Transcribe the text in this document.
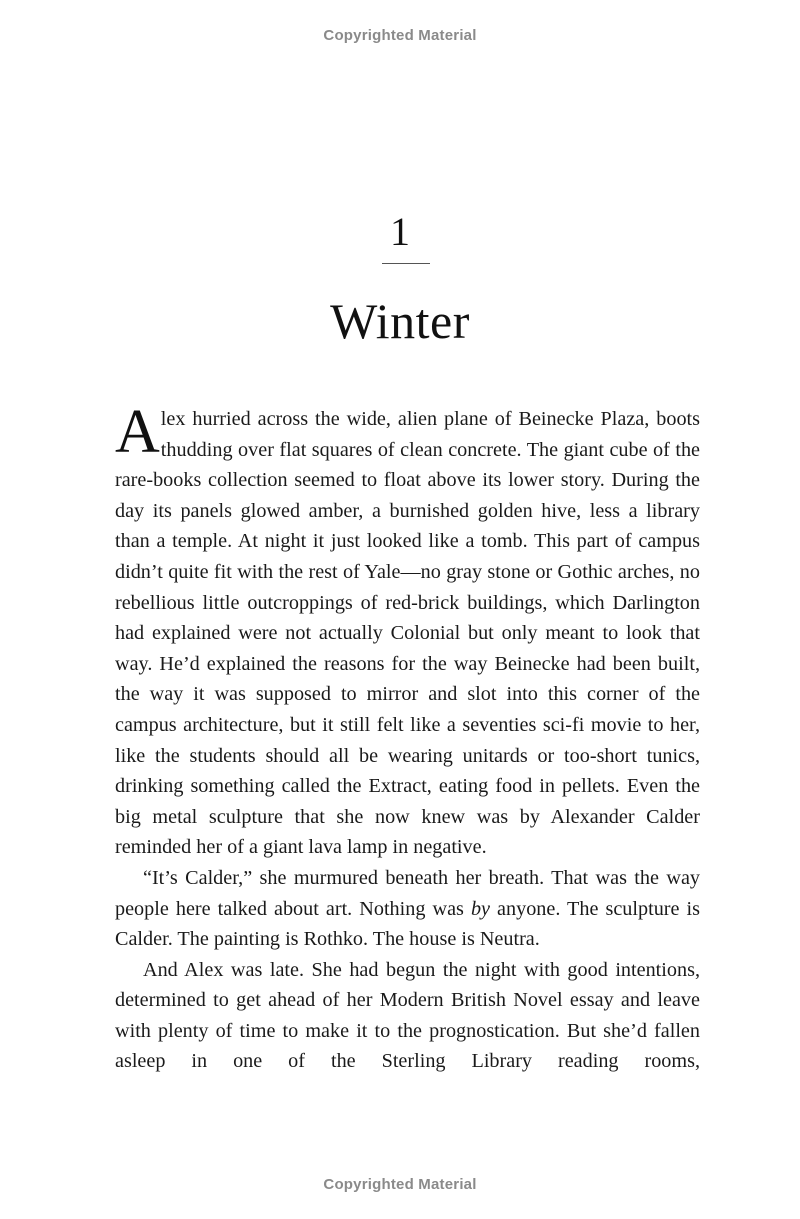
Copyrighted Material
1
Winter

Alex hurried across the wide, alien plane of Beinecke Plaza, boots thudding over flat squares of clean concrete. The giant cube of the rare-books collection seemed to float above its lower story. During the day its panels glowed amber, a burnished golden hive, less a library than a temple. At night it just looked like a tomb. This part of campus didn’t quite fit with the rest of Yale—no gray stone or Gothic arches, no rebellious little outcroppings of red-brick buildings, which Darlington had explained were not actually Colonial but only meant to look that way. He’d explained the reasons for the way Beinecke had been built, the way it was supposed to mirror and slot into this corner of the campus architecture, but it still felt like a seventies sci-fi movie to her, like the students should all be wearing unitards or too-short tunics, drinking something called the Extract, eating food in pellets. Even the big metal sculpture that she now knew was by Alexander Calder reminded her of a giant lava lamp in negative.

“It’s Calder,” she murmured beneath her breath. That was the way people here talked about art. Nothing was by anyone. The sculpture is Calder. The painting is Rothko. The house is Neutra.

And Alex was late. She had begun the night with good intentions, determined to get ahead of her Modern British Novel essay and leave with plenty of time to make it to the prognostication. But she’d fallen asleep in one of the Sterling Library reading rooms,

Copyrighted Material
